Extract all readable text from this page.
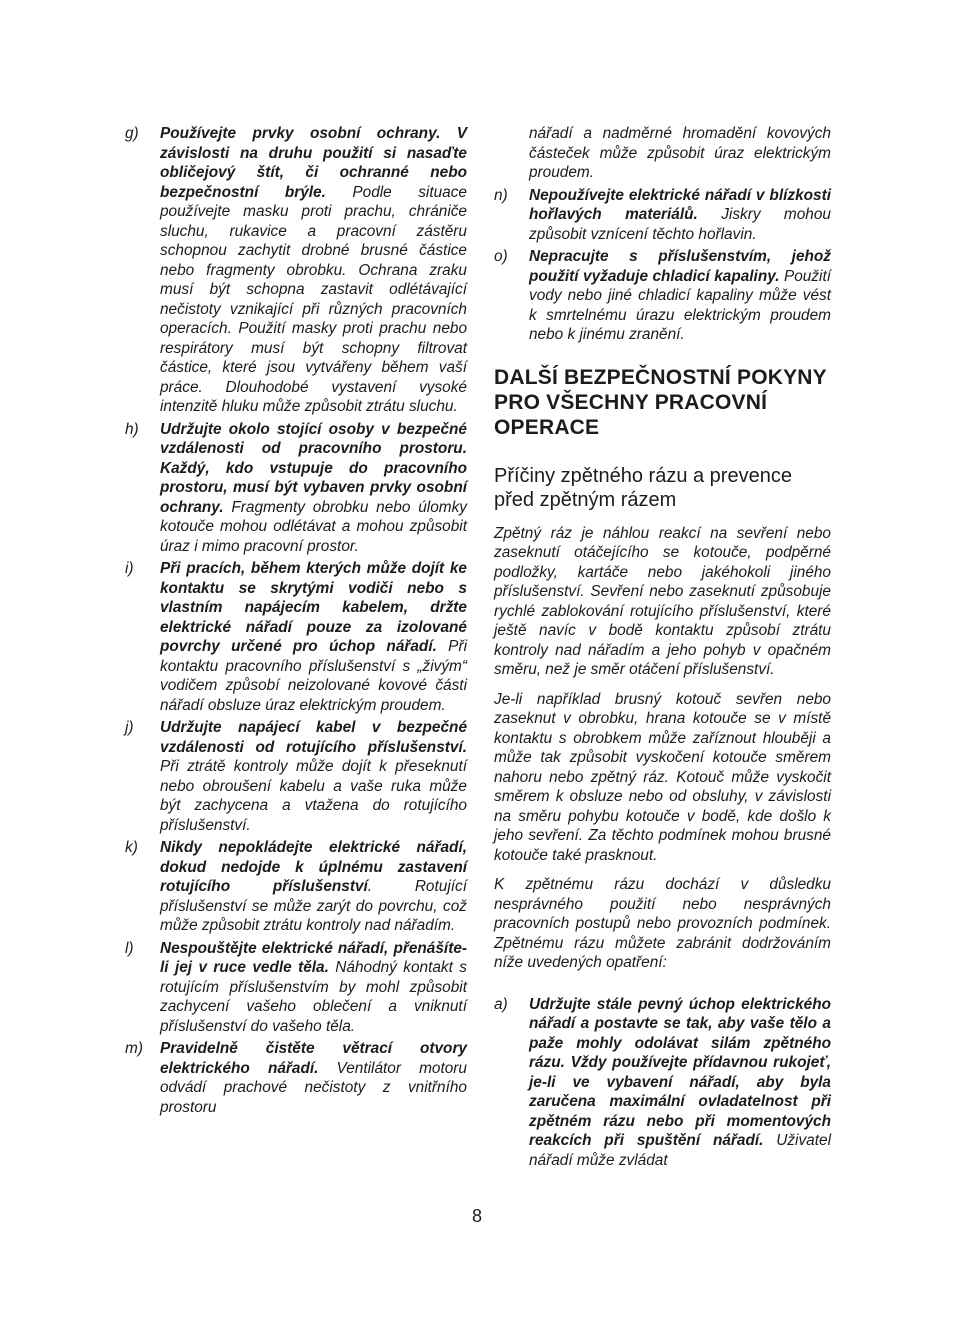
g)	Používejte prvky osobní ochrany. V závislosti na druhu použití si nasaďte obličejový štít, či ochranné nebo bezpečnostní brýle. Podle situace používejte masku proti prachu, chrániče sluchu, rukavice a pracovní zástěru schopnou zachytit drobné brusné částice nebo fragmenty obrobku. Ochrana zraku musí být schopna zastavit odlétávající nečistoty vznikající při různých pracovních operacích. Použití masky proti prachu nebo respirátory musí být schopny filtrovat částice, které jsou vytvářeny během vaší práce. Dlouhodobé vystavení vysoké intenzitě hluku může způsobit ztrátu sluchu.
h)	Udržujte okolo stojící osoby v bezpečné vzdálenosti od pracovního prostoru. Každý, kdo vstupuje do pracovního prostoru, musí být vybaven prvky osobní ochrany. Fragmenty obrobku nebo úlomky kotouče mohou odlétávat a mohou způsobit úraz i mimo pracovní prostor.
i)	Při pracích, během kterých může dojít ke kontaktu se skrytými vodiči nebo s vlastním napájecím kabelem, držte elektrické nářadí pouze za izolované povrchy určené pro úchop nářadí. Při kontaktu pracovního příslušenství s „živým“ vodičem způsobí neizolované kovové části nářadí obsluze úraz elektrickým proudem.
j)	Udržujte napájecí kabel v bezpečné vzdálenosti od rotujícího příslušenství. Při ztrátě kontroly může dojít k přeseknutí nebo obroušení kabelu a vaše ruka může být zachycena a vtažena do rotujícího příslušenství.
k)	Nikdy nepokládejte elektrické nářadí, dokud nedojde k úplnému zastavení rotujícího příslušenství. Rotující příslušenství se může zarýt do povrchu, což může způsobit ztrátu kontroly nad nářadím.
l)	Nespouštějte elektrické nářadí, přenášíte-li jej v ruce vedle těla. Náhodný kontakt s rotujícím příslušenstvím by mohl způsobit zachycení vašeho oblečení a vniknutí příslušenství do vašeho těla.
m)	Pravidelně čistěte větrací otvory elektrického nářadí. Ventilátor motoru odvádí prachové nečistoty z vnitřního prostoru
nářadí a nadměrné hromadění kovových částeček může způsobit úraz elektrickým proudem.
n)	Nepoužívejte elektrické nářadí v blízkosti hořlavých materiálů. Jiskry mohou způsobit vznícení těchto hořlavin.
o)	Nepracujte s příslušenstvím, jehož použití vyžaduje chladicí kapaliny. Použití vody nebo jiné chladicí kapaliny může vést k smrtelnému úrazu elektrickým proudem nebo k jinému zranění.
DALŠÍ BEZPEČNOSTNÍ POKYNY PRO VŠECHNY PRACOVNÍ OPERACE
Příčiny zpětného rázu a prevence před zpětným rázem

Zpětný ráz je náhlou reakcí na sevření nebo zaseknutí otáčejícího se kotouče, podpěrné podložky, kartáče nebo jakéhokoli jiného příslušenství. Sevření nebo zaseknutí způsobuje rychlé zablokování rotujícího příslušenství, které ještě navíc v bodě kontaktu způsobí ztrátu kontroly nad nářadím a jeho pohyb v opačném směru, než je směr otáčení příslušenství.

Je-li například brusný kotouč sevřen nebo zaseknut v obrobku, hrana kotouče se v místě kontaktu s obrobkem může zaříznout hlouběji a může tak způsobit vyskočení kotouče směrem nahoru nebo zpětný ráz. Kotouč může vyskočit směrem k obsluze nebo od obsluhy, v závislosti na směru pohybu kotouče v bodě, kde došlo k jeho sevření. Za těchto podmínek mohou brusné kotouče také prasknout.

K zpětnému rázu dochází v důsledku nesprávného použití nebo nesprávných pracovních postupů nebo provozních podmínek. Zpětnému rázu můžete zabránit dodržováním níže uvedených opatření:

a)	Udržujte stále pevný úchop elektrického nářadí a postavte se tak, aby vaše tělo a paže mohly odolávat silám zpětného rázu. Vždy používejte přídavnou rukojeť, je-li ve vybavení nářadí, aby byla zaručena maximální ovladatelnost při zpětném rázu nebo při momentových reakcích při spuštění nářadí. Uživatel nářadí může zvládat
8
